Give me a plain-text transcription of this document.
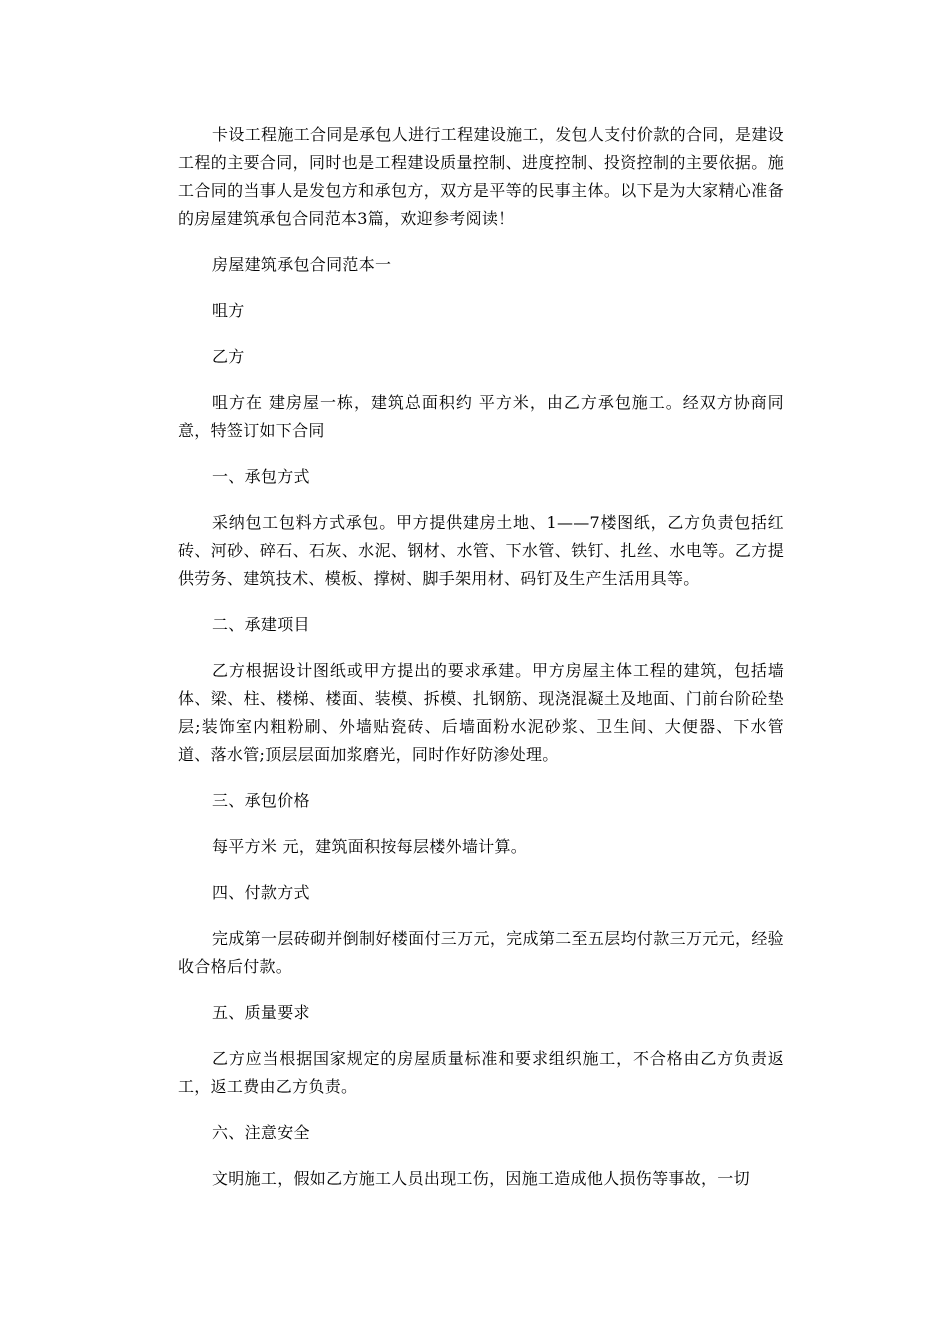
卡设工程施工合同是承包人进行工程建设施工，发包人支付价款的合同，是建设工程的主要合同，同时也是工程建设质量控制、进度控制、投资控制的主要依据。施工合同的当事人是发包方和承包方，双方是平等的民事主体。以下是为大家精心准备的房屋建筑承包合同范本3篇，欢迎参考阅读！

房屋建筑承包合同范本一

咀方

乙方

咀方在 建房屋一栋，建筑总面积约 平方米，由乙方承包施工。经双方协商同意，特签订如下合同

一、承包方式

采纳包工包料方式承包。甲方提供建房土地、1——7楼图纸，乙方负责包括红砖、河砂、碎石、石灰、水泥、钢材、水管、下水管、铁钉、扎丝、水电等。乙方提供劳务、建筑技术、模板、撑树、脚手架用材、码钉及生产生活用具等。

二、承建项目

乙方根据设计图纸或甲方提出的要求承建。甲方房屋主体工程的建筑，包括墙体、梁、柱、楼梯、楼面、装模、拆模、扎钢筋、现浇混凝土及地面、门前台阶砼垫层;装饰室内粗粉刷、外墙贴瓷砖、后墙面粉水泥砂浆、卫生间、大便器、下水管道、落水管;顶层层面加浆磨光，同时作好防渗处理。

三、承包价格

每平方米 元，建筑面积按每层楼外墙计算。

四、付款方式

完成第一层砖砌并倒制好楼面付三万元，完成第二至五层均付款三万元元，经验收合格后付款。

五、质量要求

乙方应当根据国家规定的房屋质量标准和要求组织施工，不合格由乙方负责返工，返工费由乙方负责。

六、注意安全

文明施工，假如乙方施工人员出现工伤，因施工造成他人损伤等事故，一切
